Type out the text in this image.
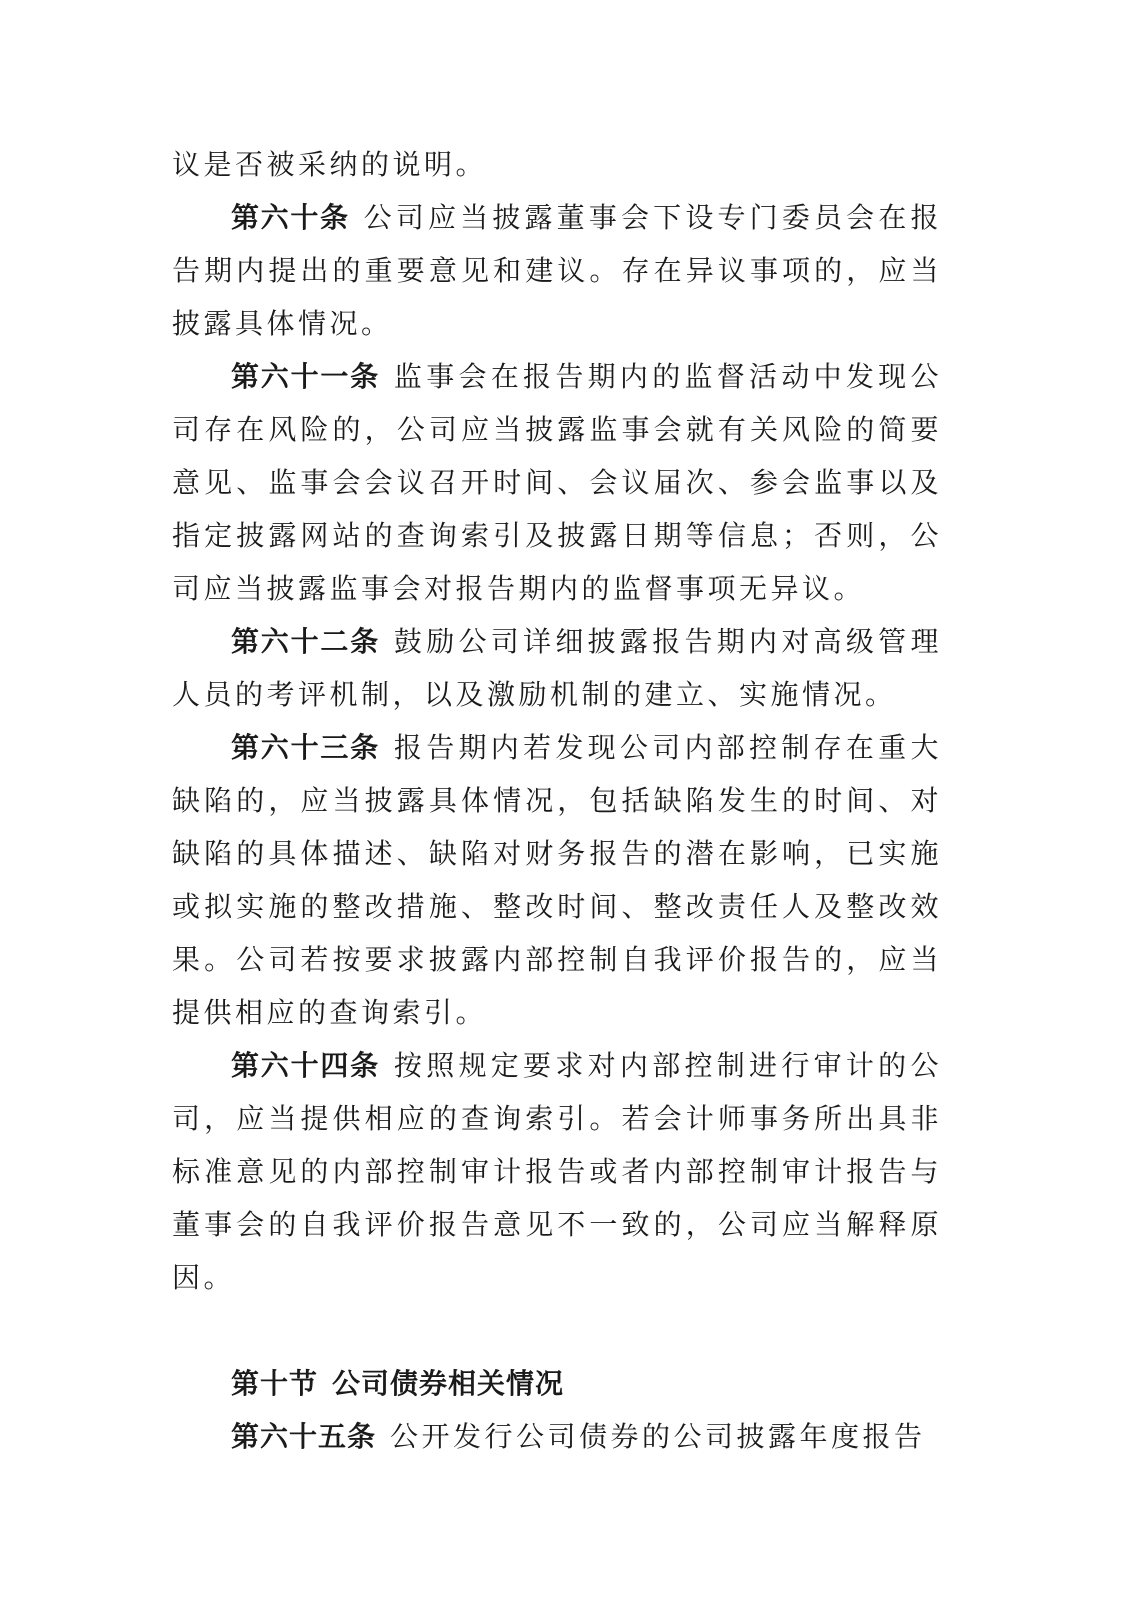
议是否被采纳的说明。

第六十条 公司应当披露董事会下设专门委员会在报告期内提出的重要意见和建议。存在异议事项的，应当披露具体情况。

第六十一条 监事会在报告期内的监督活动中发现公司存在风险的，公司应当披露监事会就有关风险的简要意见、监事会会议召开时间、会议届次、参会监事以及指定披露网站的查询索引及披露日期等信息；否则，公司应当披露监事会对报告期内的监督事项无异议。

第六十二条 鼓励公司详细披露报告期内对高级管理人员的考评机制，以及激励机制的建立、实施情况。

第六十三条 报告期内若发现公司内部控制存在重大缺陷的，应当披露具体情况，包括缺陷发生的时间、对缺陷的具体描述、缺陷对财务报告的潜在影响，已实施或拟实施的整改措施、整改时间、整改责任人及整改效果。公司若按要求披露内部控制自我评价报告的，应当提供相应的查询索引。

第六十四条 按照规定要求对内部控制进行审计的公司，应当提供相应的查询索引。若会计师事务所出具非标准意见的内部控制审计报告或者内部控制审计报告与董事会的自我评价报告意见不一致的，公司应当解释原因。

第十节 公司债券相关情况

第六十五条 公开发行公司债券的公司披露年度报告
